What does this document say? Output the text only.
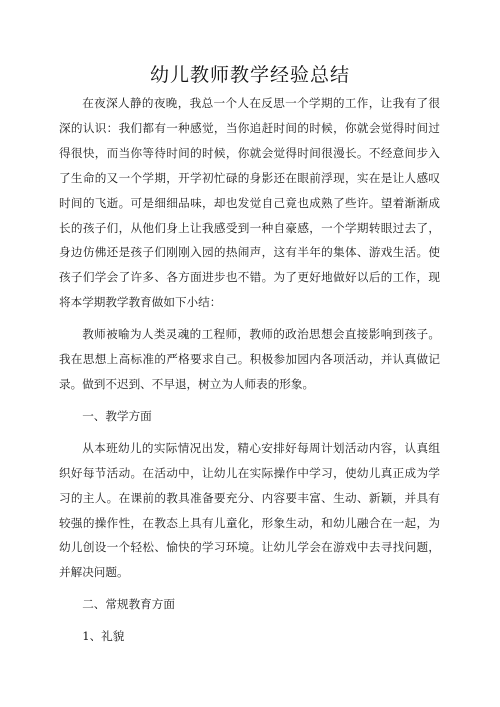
幼儿教师教学经验总结

在夜深人静的夜晚，我总一个人在反思一个学期的工作，让我有了很深的认识：我们都有一种感觉，当你追赶时间的时候，你就会觉得时间过得很快，而当你等待时间的时候，你就会觉得时间很漫长。不经意间步入了生命的又一个学期，开学初忙碌的身影还在眼前浮现，实在是让人感叹时间的飞逝。可是细细品味，却也发觉自己竟也成熟了些许。望着渐渐成长的孩子们，从他们身上让我感受到一种自豪感，一个学期转眼过去了，身边仿佛还是孩子们刚刚入园的热闹声，这有半年的集体、游戏生活。使孩子们学会了许多、各方面进步也不错。为了更好地做好以后的工作，现将本学期教学教育做如下小结：

教师被喻为人类灵魂的工程师，教师的政治思想会直接影响到孩子。我在思想上高标准的严格要求自己。积极参加园内各项活动，并认真做记录。做到不迟到、不早退，树立为人师表的形象。

一、教学方面

从本班幼儿的实际情况出发，精心安排好每周计划活动内容，认真组织好每节活动。在活动中，让幼儿在实际操作中学习，使幼儿真正成为学习的主人。在课前的教具准备要充分、内容要丰富、生动、新颖，并具有较强的操作性，在教态上具有儿童化，形象生动，和幼儿融合在一起，为幼儿创设一个轻松、愉快的学习环境。让幼儿学会在游戏中去寻找问题，并解决问题。

二、常规教育方面

1、礼貌
